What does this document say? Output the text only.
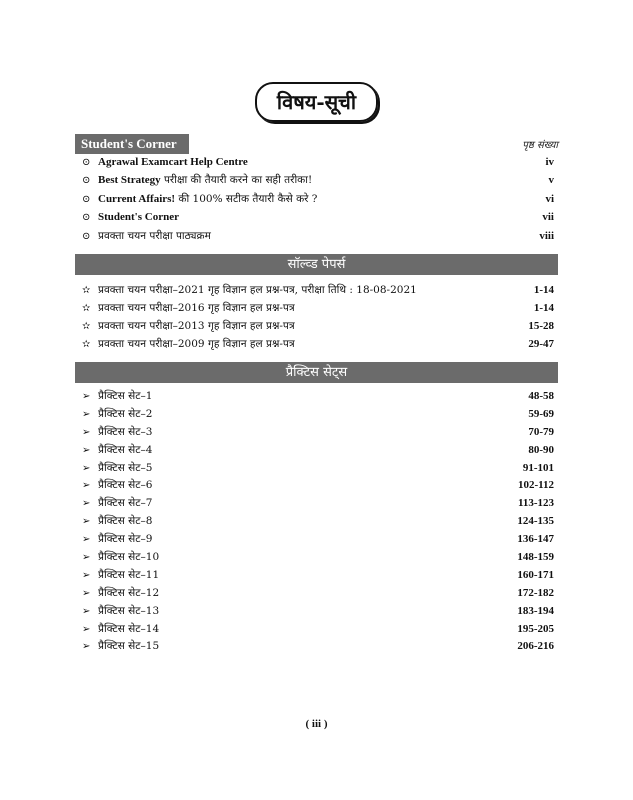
विषय-सूची
Student's Corner	पृष्ठ संख्या
⊙ Agrawal Examcart Help Centre	iv
⊙ Best Strategy परीक्षा की तैयारी करने का सही तरीका!	v
⊙ Current Affairs! की 100% सटीक तैयारी कैसे करे ?	vi
⊙ Student's Corner	vii
⊙ प्रवक्ता चयन परीक्षा पाठ्यक्रम	viii
सॉल्व्ड पेपर्स
✫ प्रवक्ता चयन परीक्षा–2021 गृह विज्ञान हल प्रश्न-पत्र, परीक्षा तिथि : 18-08-2021	1-14
✫ प्रवक्ता चयन परीक्षा–2016 गृह विज्ञान हल प्रश्न-पत्र	1-14
✫ प्रवक्ता चयन परीक्षा–2013 गृह विज्ञान हल प्रश्न-पत्र	15-28
✫ प्रवक्ता चयन परीक्षा–2009 गृह विज्ञान हल प्रश्न-पत्र	29-47
प्रैक्टिस सेट्स
➢ प्रैक्टिस सेट–1	48-58
➢ प्रैक्टिस सेट–2	59-69
➢ प्रैक्टिस सेट–3	70-79
➢ प्रैक्टिस सेट–4	80-90
➢ प्रैक्टिस सेट–5	91-101
➢ प्रैक्टिस सेट–6	102-112
➢ प्रैक्टिस सेट–7	113-123
➢ प्रैक्टिस सेट–8	124-135
➢ प्रैक्टिस सेट–9	136-147
➢ प्रैक्टिस सेट–10	148-159
➢ प्रैक्टिस सेट–11	160-171
➢ प्रैक्टिस सेट–12	172-182
➢ प्रैक्टिस सेट–13	183-194
➢ प्रैक्टिस सेट–14	195-205
➢ प्रैक्टिस सेट–15	206-216
( iii )
